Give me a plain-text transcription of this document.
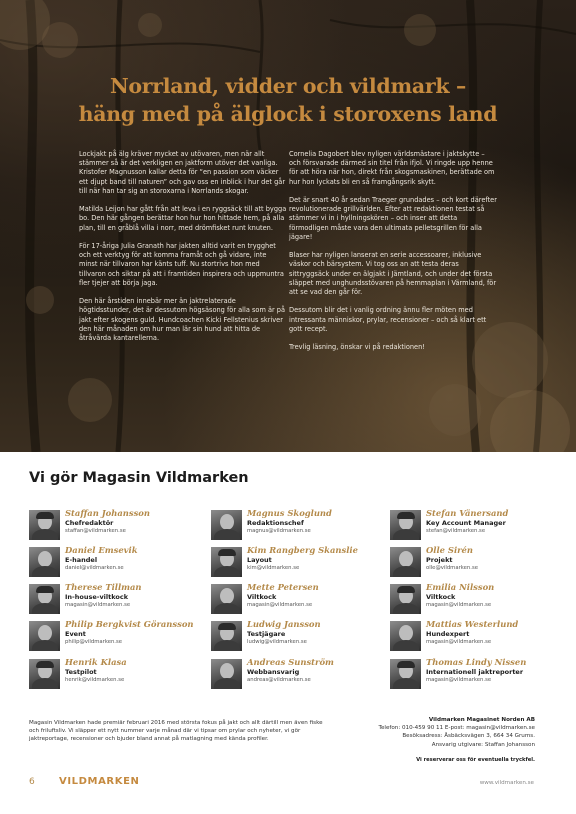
Norrland, vidder och vildmark –
häng med på älglock i storoxens land

Lockjakt på älg kräver mycket av utövaren, men när allt stämmer så är det verkligen en jaktform utöver det vanliga. Kristofer Magnusson kallar detta för “en passion som väcker ett djupt band till naturen” och gav oss en inblick i hur det går till när han tar sig an storoxarna i Norrlands skogar.

Matilda Leijon har gått från att leva i en ryggsäck till att bygga bo. Den här gången berättar hon hur hon hittade hem, på alla plan, till en gråblå villa i norr, med drömfisket runt knuten.

För 17-åriga Julia Granath har jakten alltid varit en trygghet och ett verktyg för att komma framåt och gå vidare, inte minst när tillvaron har känts tuff. Nu stortrivs hon med tillvaron och siktar på att i framtiden inspirera och uppmuntra fler tjejer att börja jaga.

Den här årstiden innebär mer än jaktrelaterade högtidsstunder, det är dessutom högsäsong för alla som är på jakt efter skogens guld. Hundcoachen Kicki Fellstenius skriver den här månaden om hur man lär sin hund att hitta de åtråvärda kantarellerna.

Cornelia Dagobert blev nyligen världsmästare i jaktskytte – och försvarade därmed sin titel från ifjol. Vi ringde upp henne för att höra när hon, direkt från skogsmaskinen, berättade om hur hon lyckats bli en så framgångsrik skytt.

Det är snart 40 år sedan Traeger grundades – och kort därefter revolutionerade grillvärlden. Efter att redaktionen testat så stämmer vi in i hyllningskören – och inser att detta förmodligen måste vara den ultimata pelletsgrillen för alla jägare!

Blaser har nyligen lanserat en serie accessoarer, inklusive väskor och bärsystem. Vi tog oss an att testa deras sittryggsäck under en älgjakt i Jämtland, och under det första släppet med unghundsstövaren på hemmaplan i Värmland, för att se vad den går för.

Dessutom blir det i vanlig ordning ännu fler möten med intressanta människor, prylar, recensioner – och så klart ett gott recept.

Trevlig läsning, önskar vi på redaktionen!

Vi gör Magasin Vildmarken
Staffan Johansson
Chefredaktör
staffan@vildmarken.se
Daniel Emsevik
E-handel
daniel@vildmarken.se
Therese Tillman
In-house-viltkock
magasin@vildmarken.se
Philip Bergkvist Göransson
Event
philip@vildmarken.se
Henrik Klasa
Testpilot
henrik@vildmarken.se
Magnus Skoglund
Redaktionschef
magnus@vildmarken.se
Kim Rangberg Skanslie
Layout
kim@vildmarken.se
Mette Petersen
Viltkock
magasin@vildmarken.se
Ludwig Jansson
Testjägare
ludwig@vildmarken.se
Andreas Sunström
Webbansvarig
andreas@vildmarken.se
Stefan Vänersand
Key Account Manager
stefan@vildmarken.se
Olle Sirén
Projekt
olle@vildmarken.se
Emilia Nilsson
Viltkock
magasin@vildmarken.se
Mattias Westerlund
Hundexpert
magasin@vildmarken.se
Thomas Lindy Nissen
Internationell jaktreporter
magasin@vildmarken.se
Magasin Vildmarken hade premiär februari 2016 med största fokus på jakt och allt därtill men även fiske och friluftsliv. Vi släpper ett nytt nummer varje månad där vi tipsar om prylar och nyheter, vi gör jaktreportage, recensioner och bjuder bland annat på matlagning med kända profiler.
Vildmarken Magasinet Norden AB
Telefon: 010-459 90 11 E-post: magasin@vildmarken.se
Besöksadress: Åsbäcksvägen 3, 664 34 Grums.
Ansvarig utgivare: Staffan Johansson
Vi reserverar oss för eventuella tryckfel.
6 VILDMARKEN	www.vildmarken.se
